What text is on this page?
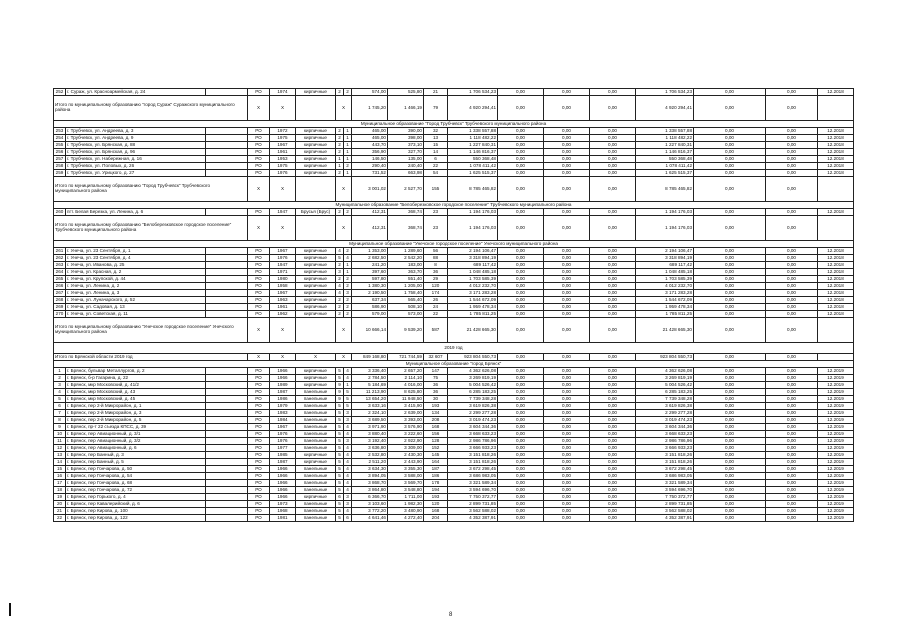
252	г. Сураж, ул. Красноармейская, д. 24		РО	1974	кирпичные	2	2	574,00	525,80	21	1 706 534,23	0,00	0,00	0,00	1 706 534,23	0,00	0,00	12.2018
Итого по муниципальному образованию "город Сураж" Суражского муниципального района			Х	Х		Х		1 745,20	1 466,19	79	4 920 294,41	0,00	0,00	0,00	4 920 294,41	0,00	0,00	
Муниципальное образование "Город Трубчевск" Трубчевского муниципального района																		
253	г. Трубчевск, ул. Андреева, д. 3		РО	1972	кирпичные	2	1	465,00	390,00	32	1 338 557,88	0,00	0,00	0,00	1 338 557,88	0,00	0,00	12.2018
254	г. Трубчевск, ул. Андреева, д. 9		РО	1975	кирпичные	2	1	465,00	398,00	13	1 118 482,22	0,00	0,00	0,00	1 118 482,22	0,00	0,00	12.2018
255	г. Трубчевск, ул. Брянская, д. 88		РО	1967	кирпичные	2	1	443,70	373,10	15	1 227 840,31	0,00	0,00	0,00	1 227 840,31	0,00	0,00	12.2018
256	г. Трубчевск, ул. Брянская, д. 96		РО	1961	кирпичные	2	1	356,90	327,70	14	1 146 816,37	0,00	0,00	0,00	1 146 816,37	0,00	0,00	12.2018
257	г. Трубчевск, ул. Набережная, д. 16		РО	1953	кирпичные	1	1	146,50	135,00	6	550 368,48	0,00	0,00	0,00	550 368,48	0,00	0,00	12.2018
258	г. Трубчевск, ул. Половых, д. 26		РО	1975	кирпичные	1	2	290,40	240,40	22	1 078 411,42	0,00	0,00	0,00	1 078 411,42	0,00	0,00	12.2018
259	г. Трубчевск, ул. Урицкого, д. 27		РО	1976	кирпичные	2	1	731,52	663,98	54	1 625 515,37	0,00	0,00	0,00	1 625 515,37	0,00	0,00	12.2018
Итого по муниципальному образованию "Город Трубчевск" Трубчевского муниципального района			Х	Х		Х		3 001,02	2 527,70	155	8 785 465,82	0,00	0,00	0,00	8 785 465,82	0,00	0,00	
Муниципальное образование "Белоберезковское городское поселение" Трубчевского муниципального района																		
260	пгт. Белая Березка, ул. Ленина, д. 6		РО	1947	Брусья (Брус)	2	2	412,31	368,74	23	1 194 176,03	0,00	0,00	0,00	1 194 176,03	0,00	0,00	12.2018
Итого по муниципальному образованию "Белоберезковское городское поселение" Трубчевского муниципального района			Х	Х		Х		412,31	368,74	23	1 194 176,03	0,00	0,00	0,00	1 194 176,03	0,00	0,00	
Муниципальное образование "Унечское городское поселение" Унечского муниципального района																		
261	г. Унеча, ул. 23 Сентября, д. 1		РО	1967	кирпичные	4	2	1 353,00	1 289,60	56	2 194 106,47	0,00	0,00	0,00	2 194 106,47	0,00	0,00	12.2018
262	г. Унеча, ул. 23 Сентября, д. 4		РО	1976	кирпичные	5	4	2 682,50	2 542,20	88	3 318 894,19	0,00	0,00	0,00	3 318 894,19	0,00	0,00	12.2018
263	г. Унеча, ул. Иванова, д. 25		РО	1947	кирпичные	2	1	241,20	183,00	8	689 117,42	0,00	0,00	0,00	689 117,42	0,00	0,00	12.2018
264	г. Унеча, ул. Красная, д. 2		РО	1971	кирпичные	3	1	397,60	363,70	36	1 048 485,18	0,00	0,00	0,00	1 048 485,18	0,00	0,00	12.2018
265	г. Унеча, ул. Крупской, д. 44		РО	1980	кирпичные	2	2	597,80	551,40	29	1 703 585,39	0,00	0,00	0,00	1 703 585,39	0,00	0,00	12.2018
266	г. Унеча, ул. Ленина, д. 2		РО	1958	кирпичные	4	2	1 380,30	1 205,00	120	4 012 232,70	0,00	0,00	0,00	4 012 232,70	0,00	0,00	12.2018
267	г. Унеча, ул. Ленина, д. 3		РО	1967	кирпичные	4	3	2 190,50	1 758,40	174	3 171 283,28	0,00	0,00	0,00	3 171 283,28	0,00	0,00	12.2018
268	г. Унеча, ул. Луначарского, д. 52		РО	1963	кирпичные	2	2	637,34	565,40	26	1 544 672,09	0,00	0,00	0,00	1 544 672,09	0,00	0,00	12.2018
269	г. Унеча, ул. Садовая, д. 13		РО	1961	кирпичные	2	2	586,90	508,10	24	1 959 478,34	0,00	0,00	0,00	1 959 478,34	0,00	0,00	12.2018
270	г. Унеча, ул. Советская, д. 11		РО	1962	кирпичные	2	2	579,00	573,00	22	1 785 811,25	0,00	0,00	0,00	1 785 811,25	0,00	0,00	12.2018
Итого по муниципальному образованию "Унечское городское поселение" Унечского муниципального района			Х	Х		Х		10 666,14	9 539,20	587	21 428 665,30	0,00	0,00	0,00	21 428 665,30	0,00	0,00	
2019 год																		
Итого по Брянской области 2019 год			Х	Х	Х	Х		849 168,80	721 744,59	32 607	923 804 550,73	0,00	0,00	0,00	923 804 550,73	0,00	0,00	
Муниципальное образование "город Брянск"																		
1	г. Брянск, бульвар Металлургов, д. 2		РО	1966	кирпичные	5	4	3 336,40	2 657,20	147	4 362 626,08	0,00	0,00	0,00	4 362 626,08	0,00	0,00	12.2019
2	г. Брянск, б-р Гагарина, д. 22		РО	1966	кирпичные	5	4	2 784,50	2 114,10	75	3 269 819,19	0,00	0,00	0,00	3 269 819,19	0,00	0,00	12.2019
3	г. Брянск, мкр Московский, д. 41/2		РО	1989	кирпичные	9	1	5 184,69	4 016,00	36	5 004 526,42	0,00	0,00	0,00	5 004 526,42	0,00	0,00	12.2019
4	г. Брянск, мкр Московский, д. 43		РО	1987	панельные	9	5	11 213,90	8 625,80	36	6 285 183,25	0,00	0,00	0,00	6 285 183,25	0,00	0,00	12.2019
5	г. Брянск, мкр Московский, д. 45		РО	1986	панельные	9	5	13 654,20	11 948,50	30	7 739 348,28	0,00	0,00	0,00	7 739 348,28	0,00	0,00	12.2019
6	г. Брянск, пер 2-й Микрорайон, д. 1		РО	1979	панельные	5	5	3 633,16	3 415,90	193	3 619 826,38	0,00	0,00	0,00	3 619 826,38	0,00	0,00	12.2019
7	г. Брянск, пер 2-й Микрорайон, д. 3		РО	1983	панельные	5	3	2 324,10	2 639,00	134	2 299 277,28	0,00	0,00	0,00	2 299 277,28	0,00	0,00	12.2019
8	г. Брянск, пер 2-й Микрорайон, д. 5		РО	1984	панельные	5	3	3 689,50	3 393,00	208	3 019 474,23	0,00	0,00	0,00	3 019 474,23	0,00	0,00	12.2019
9	г. Брянск, пр-т 22 съезда КПСС, д. 39		РО	1967	панельные	5	4	3 971,90	3 576,90	168	3 604 344,36	0,00	0,00	0,00	3 604 344,36	0,00	0,00	12.2019
10	г. Брянск, пер Авиационный, д. 3/1		РО	1976	панельные	5	4	3 880,40	3 222,60	156	3 668 633,23	0,00	0,00	0,00	3 668 633,23	0,00	0,00	12.2019
11	г. Брянск, пер Авиационный, д. 3/2		РО	1976	панельные	5	3	3 192,40	2 922,90	128	2 986 786,96	0,00	0,00	0,00	2 986 786,96	0,00	0,00	12.2019
12	г. Брянск, пер Авиационный, д. 6		РО	1977	панельные	5	4	3 636,80	3 309,00	152	3 666 933,23	0,00	0,00	0,00	3 666 933,23	0,00	0,00	12.2019
13	г. Брянск, пер Банный, д. 3		РО	1985	кирпичные	5	4	2 532,80	2 430,30	145	3 151 818,26	0,00	0,00	0,00	3 151 818,26	0,00	0,00	12.2019
14	г. Брянск, пер Банный, д. 5		РО	1987	кирпичные	5	4	2 511,20	2 443,90	164	3 151 818,26	0,00	0,00	0,00	3 151 818,26	0,00	0,00	12.2019
15	г. Брянск, пер Гончарова, д. 50		РО	1966	панельные	5	4	3 634,30	3 355,30	187	3 672 298,45	0,00	0,00	0,00	3 672 298,45	0,00	0,00	12.2019
16	г. Брянск, пер Гончарова, д. 54		РО	1966	панельные	5	4	3 894,05	3 588,00	186	3 686 983,05	0,00	0,00	0,00	3 686 983,05	0,00	0,00	12.2019
17	г. Брянск, пер Гончарова, д. 68		РО	1966	панельные	5	4	3 868,70	3 569,70	178	3 321 589,34	0,00	0,00	0,00	3 321 589,34	0,00	0,00	12.2019
18	г. Брянск, пер Гончарова, д. 72		РО	1966	панельные	5	4	3 864,80	3 548,80	194	3 594 696,70	0,00	0,00	0,00	3 594 696,70	0,00	0,00	12.2019
19	г. Брянск, пер Горького, д. 4		РО	1966	кирпичные	6	3	6 366,70	1 711,00	193	7 750 372,77	0,00	0,00	0,00	7 750 372,77	0,00	0,00	12.2019
20	г. Брянск, пер Кавалерийский, д. 6		РО	1973	панельные	5	3	3 103,60	1 982,30	120	2 899 731,85	0,00	0,00	0,00	2 899 731,85	0,00	0,00	12.2019
21	г. Брянск, пер Кирова, д. 100		РО	1968	панельные	5	4	3 772,20	3 480,90	168	3 562 588,02	0,00	0,00	0,00	3 562 588,02	0,00	0,00	12.2019
22	г. Брянск, пер Кирова, д. 122		РО	1981	панельные	5	6	4 641,46	4 272,40	204	4 352 387,91	0,00	0,00	0,00	4 352 387,91	0,00	0,00	12.2019
8
